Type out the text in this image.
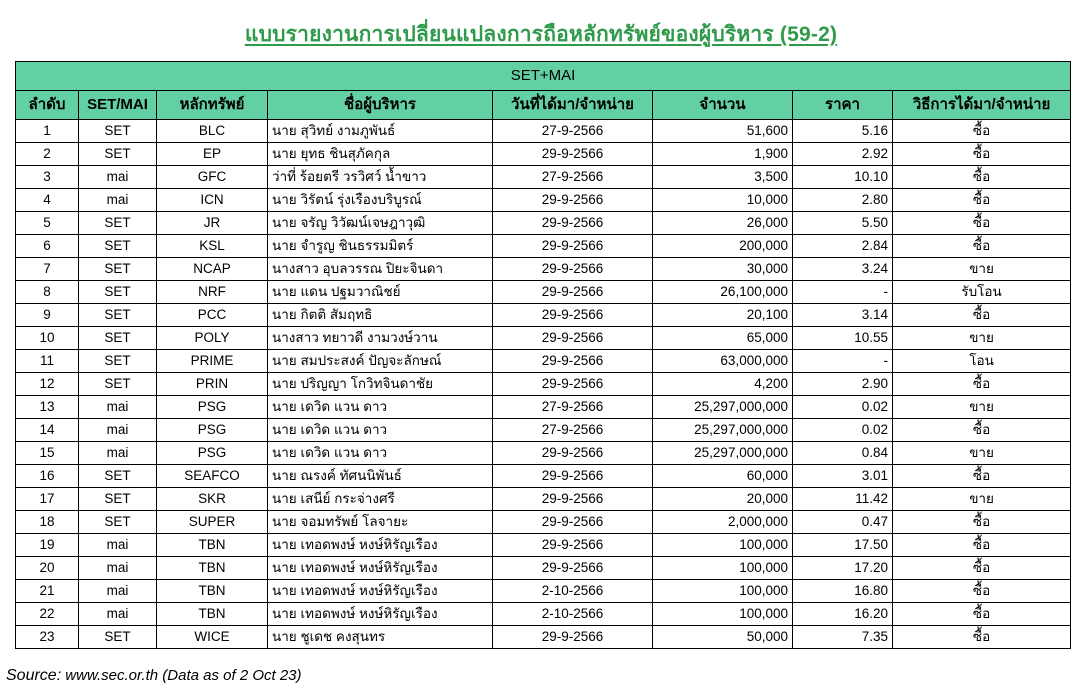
แบบรายงานการเปลี่ยนแปลงการถือหลักทรัพย์ของผู้บริหาร (59-2)
SET+MAI							
ลำดับ	SET/MAI	หลักทรัพย์	ชื่อผู้บริหาร	วันที่ได้มา/จำหน่าย	จำนวน	ราคา	วิธีการได้มา/จำหน่าย
1	SET	BLC	นาย สุวิทย์ งามภูพันธ์	27-9-2566	51,600	5.16	ซื้อ
2	SET	EP	นาย ยุทธ ชินสุภัคกุล	29-9-2566	1,900	2.92	ซื้อ
3	mai	GFC	ว่าที่ ร้อยตรี วรวิศว์ น้ำขาว	27-9-2566	3,500	10.10	ซื้อ
4	mai	ICN	นาย วิรัตน์ รุ่งเรืองบริบูรณ์	29-9-2566	10,000	2.80	ซื้อ
5	SET	JR	นาย จรัญ วิวัฒน์เจษฎาวุฒิ	29-9-2566	26,000	5.50	ซื้อ
6	SET	KSL	นาย จำรูญ ชินธรรมมิตร์	29-9-2566	200,000	2.84	ซื้อ
7	SET	NCAP	นางสาว อุบลวรรณ ปิยะจินดา	29-9-2566	30,000	3.24	ขาย
8	SET	NRF	นาย แดน ปฐมวาณิชย์	29-9-2566	26,100,000	-	รับโอน
9	SET	PCC	นาย กิตติ สัมฤทธิ	29-9-2566	20,100	3.14	ซื้อ
10	SET	POLY	นางสาว ทยาวดี งามวงษ์วาน	29-9-2566	65,000	10.55	ขาย
11	SET	PRIME	นาย สมประสงค์ ปัญจะลักษณ์	29-9-2566	63,000,000	-	โอน
12	SET	PRIN	นาย ปริญญา โกวิทจินดาชัย	29-9-2566	4,200	2.90	ซื้อ
13	mai	PSG	นาย เดวิด แวน ดาว	27-9-2566	25,297,000,000	0.02	ขาย
14	mai	PSG	นาย เดวิด แวน ดาว	27-9-2566	25,297,000,000	0.02	ซื้อ
15	mai	PSG	นาย เดวิด แวน ดาว	29-9-2566	25,297,000,000	0.84	ขาย
16	SET	SEAFCO	นาย ณรงค์ ทัศนนิพันธ์	29-9-2566	60,000	3.01	ซื้อ
17	SET	SKR	นาย เสนีย์ กระจ่างศรี	29-9-2566	20,000	11.42	ขาย
18	SET	SUPER	นาย จอมทรัพย์ โลจายะ	29-9-2566	2,000,000	0.47	ซื้อ
19	mai	TBN	นาย เทอดพงษ์ หงษ์หิรัญเรือง	29-9-2566	100,000	17.50	ซื้อ
20	mai	TBN	นาย เทอดพงษ์ หงษ์หิรัญเรือง	29-9-2566	100,000	17.20	ซื้อ
21	mai	TBN	นาย เทอดพงษ์ หงษ์หิรัญเรือง	2-10-2566	100,000	16.80	ซื้อ
22	mai	TBN	นาย เทอดพงษ์ หงษ์หิรัญเรือง	2-10-2566	100,000	16.20	ซื้อ
23	SET	WICE	นาย ชูเดช คงสุนทร	29-9-2566	50,000	7.35	ซื้อ
Source: www.sec.or.th (Data as of 2 Oct 23)
